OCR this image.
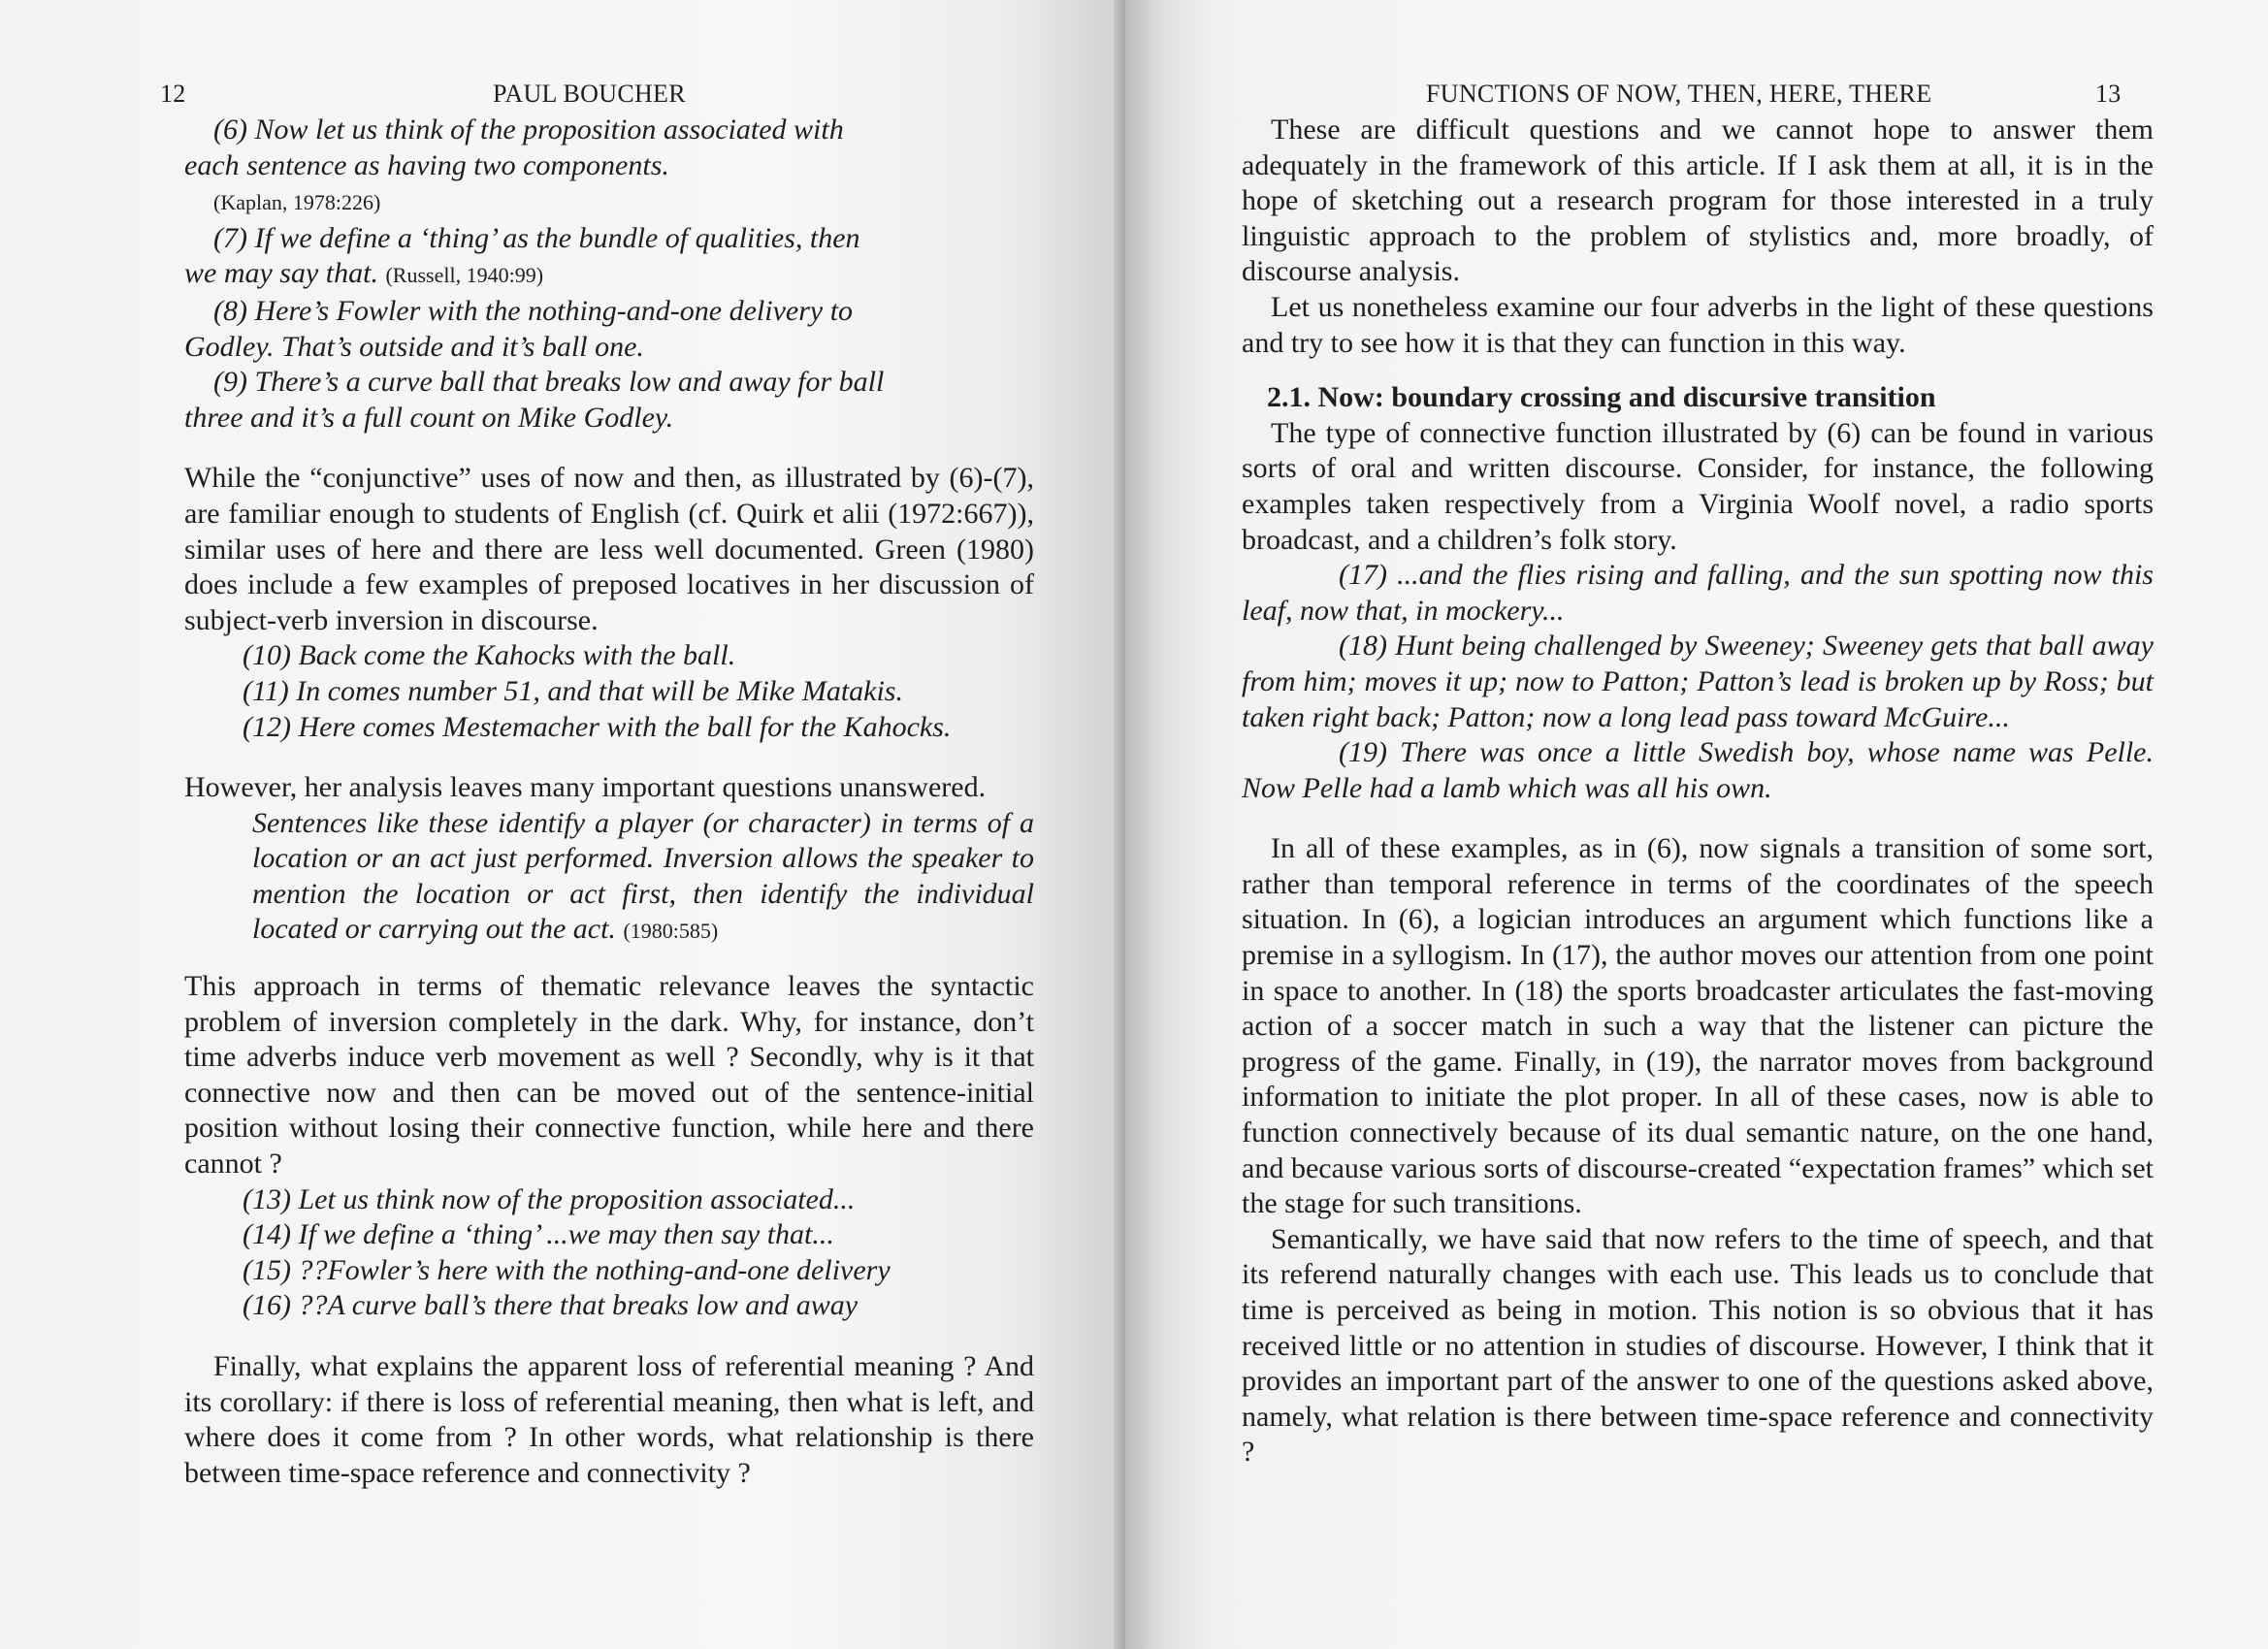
12	PAUL BOUCHER

(6) Now let us think of the proposition associated with

each sentence as having two components.

(Kaplan, 1978:226)

(7) If we define a ‘thing’ as the bundle of qualities, then

we may say that. (Russell, 1940:99)

(8) Here’s Fowler with the nothing-and-one delivery to

Godley. That’s outside and it’s ball one.

(9) There’s a curve ball that breaks low and away for ball

three and it’s a full count on Mike Godley.

While the “conjunctive” uses of now and then, as illustrated by (6)-(7), are familiar enough to students of English (cf. Quirk et alii (1972:667)), similar uses of here and there are less well documented. Green (1980) does include a few examples of preposed locatives in her discussion of subject-verb inversion in discourse.

(10) Back come the Kahocks with the ball.

(11) In comes number 51, and that will be Mike Matakis.

(12) Here comes Mestemacher with the ball for the Kahocks.

However, her analysis leaves many important questions unanswered.

Sentences like these identify a player (or character) in terms of a location or an act just performed. Inversion allows the speaker to mention the location or act first, then identify the individual located or carrying out the act. (1980:585)

This approach in terms of thematic relevance leaves the syntactic problem of inversion completely in the dark. Why, for instance, don’t time adverbs induce verb movement as well ? Secondly, why is it that connective now and then can be moved out of the sentence-initial position without losing their connective function, while here and there cannot ?

(13) Let us think now of the proposition associated...

(14) If we define a ‘thing’ ...we may then say that...

(15) ??Fowler’s here with the nothing-and-one delivery

(16) ??A curve ball’s there that breaks low and away

Finally, what explains the apparent loss of referential meaning ? And its corollary: if there is loss of referential meaning, then what is left, and where does it come from ? In other words, what relationship is there between time-space reference and connectivity ?

FUNCTIONS OF NOW, THEN, HERE, THERE	13

These are difficult questions and we cannot hope to answer them adequately in the framework of this article. If I ask them at all, it is in the hope of sketching out a research program for those interested in a truly linguistic approach to the problem of stylistics and, more broadly, of discourse analysis.

Let us nonetheless examine our four adverbs in the light of these questions and try to see how it is that they can function in this way.

2.1. Now: boundary crossing and discursive transition

The type of connective function illustrated by (6) can be found in various sorts of oral and written discourse. Consider, for instance, the following examples taken respectively from a Virginia Woolf novel, a radio sports broadcast, and a children’s folk story.

(17) ...and the flies rising and falling, and the sun spotting now this leaf, now that, in mockery...

(18) Hunt being challenged by Sweeney; Sweeney gets that ball away from him; moves it up; now to Patton; Patton’s lead is broken up by Ross; but taken right back; Patton; now a long lead pass toward McGuire...

(19) There was once a little Swedish boy, whose name was Pelle. Now Pelle had a lamb which was all his own.

In all of these examples, as in (6), now signals a transition of some sort, rather than temporal reference in terms of the coordinates of the speech situation. In (6), a logician introduces an argument which functions like a premise in a syllogism. In (17), the author moves our attention from one point in space to another. In (18) the sports broadcaster articulates the fast-moving action of a soccer match in such a way that the listener can picture the progress of the game. Finally, in (19), the narrator moves from background information to initiate the plot proper. In all of these cases, now is able to function connectively because of its dual semantic nature, on the one hand, and because various sorts of discourse-created “expectation frames” which set the stage for such transitions.

Semantically, we have said that now refers to the time of speech, and that its referend naturally changes with each use. This leads us to conclude that time is perceived as being in motion. This notion is so obvious that it has received little or no attention in studies of discourse. However, I think that it provides an important part of the answer to one of the questions asked above, namely, what relation is there between time-space reference and connectivity ?
